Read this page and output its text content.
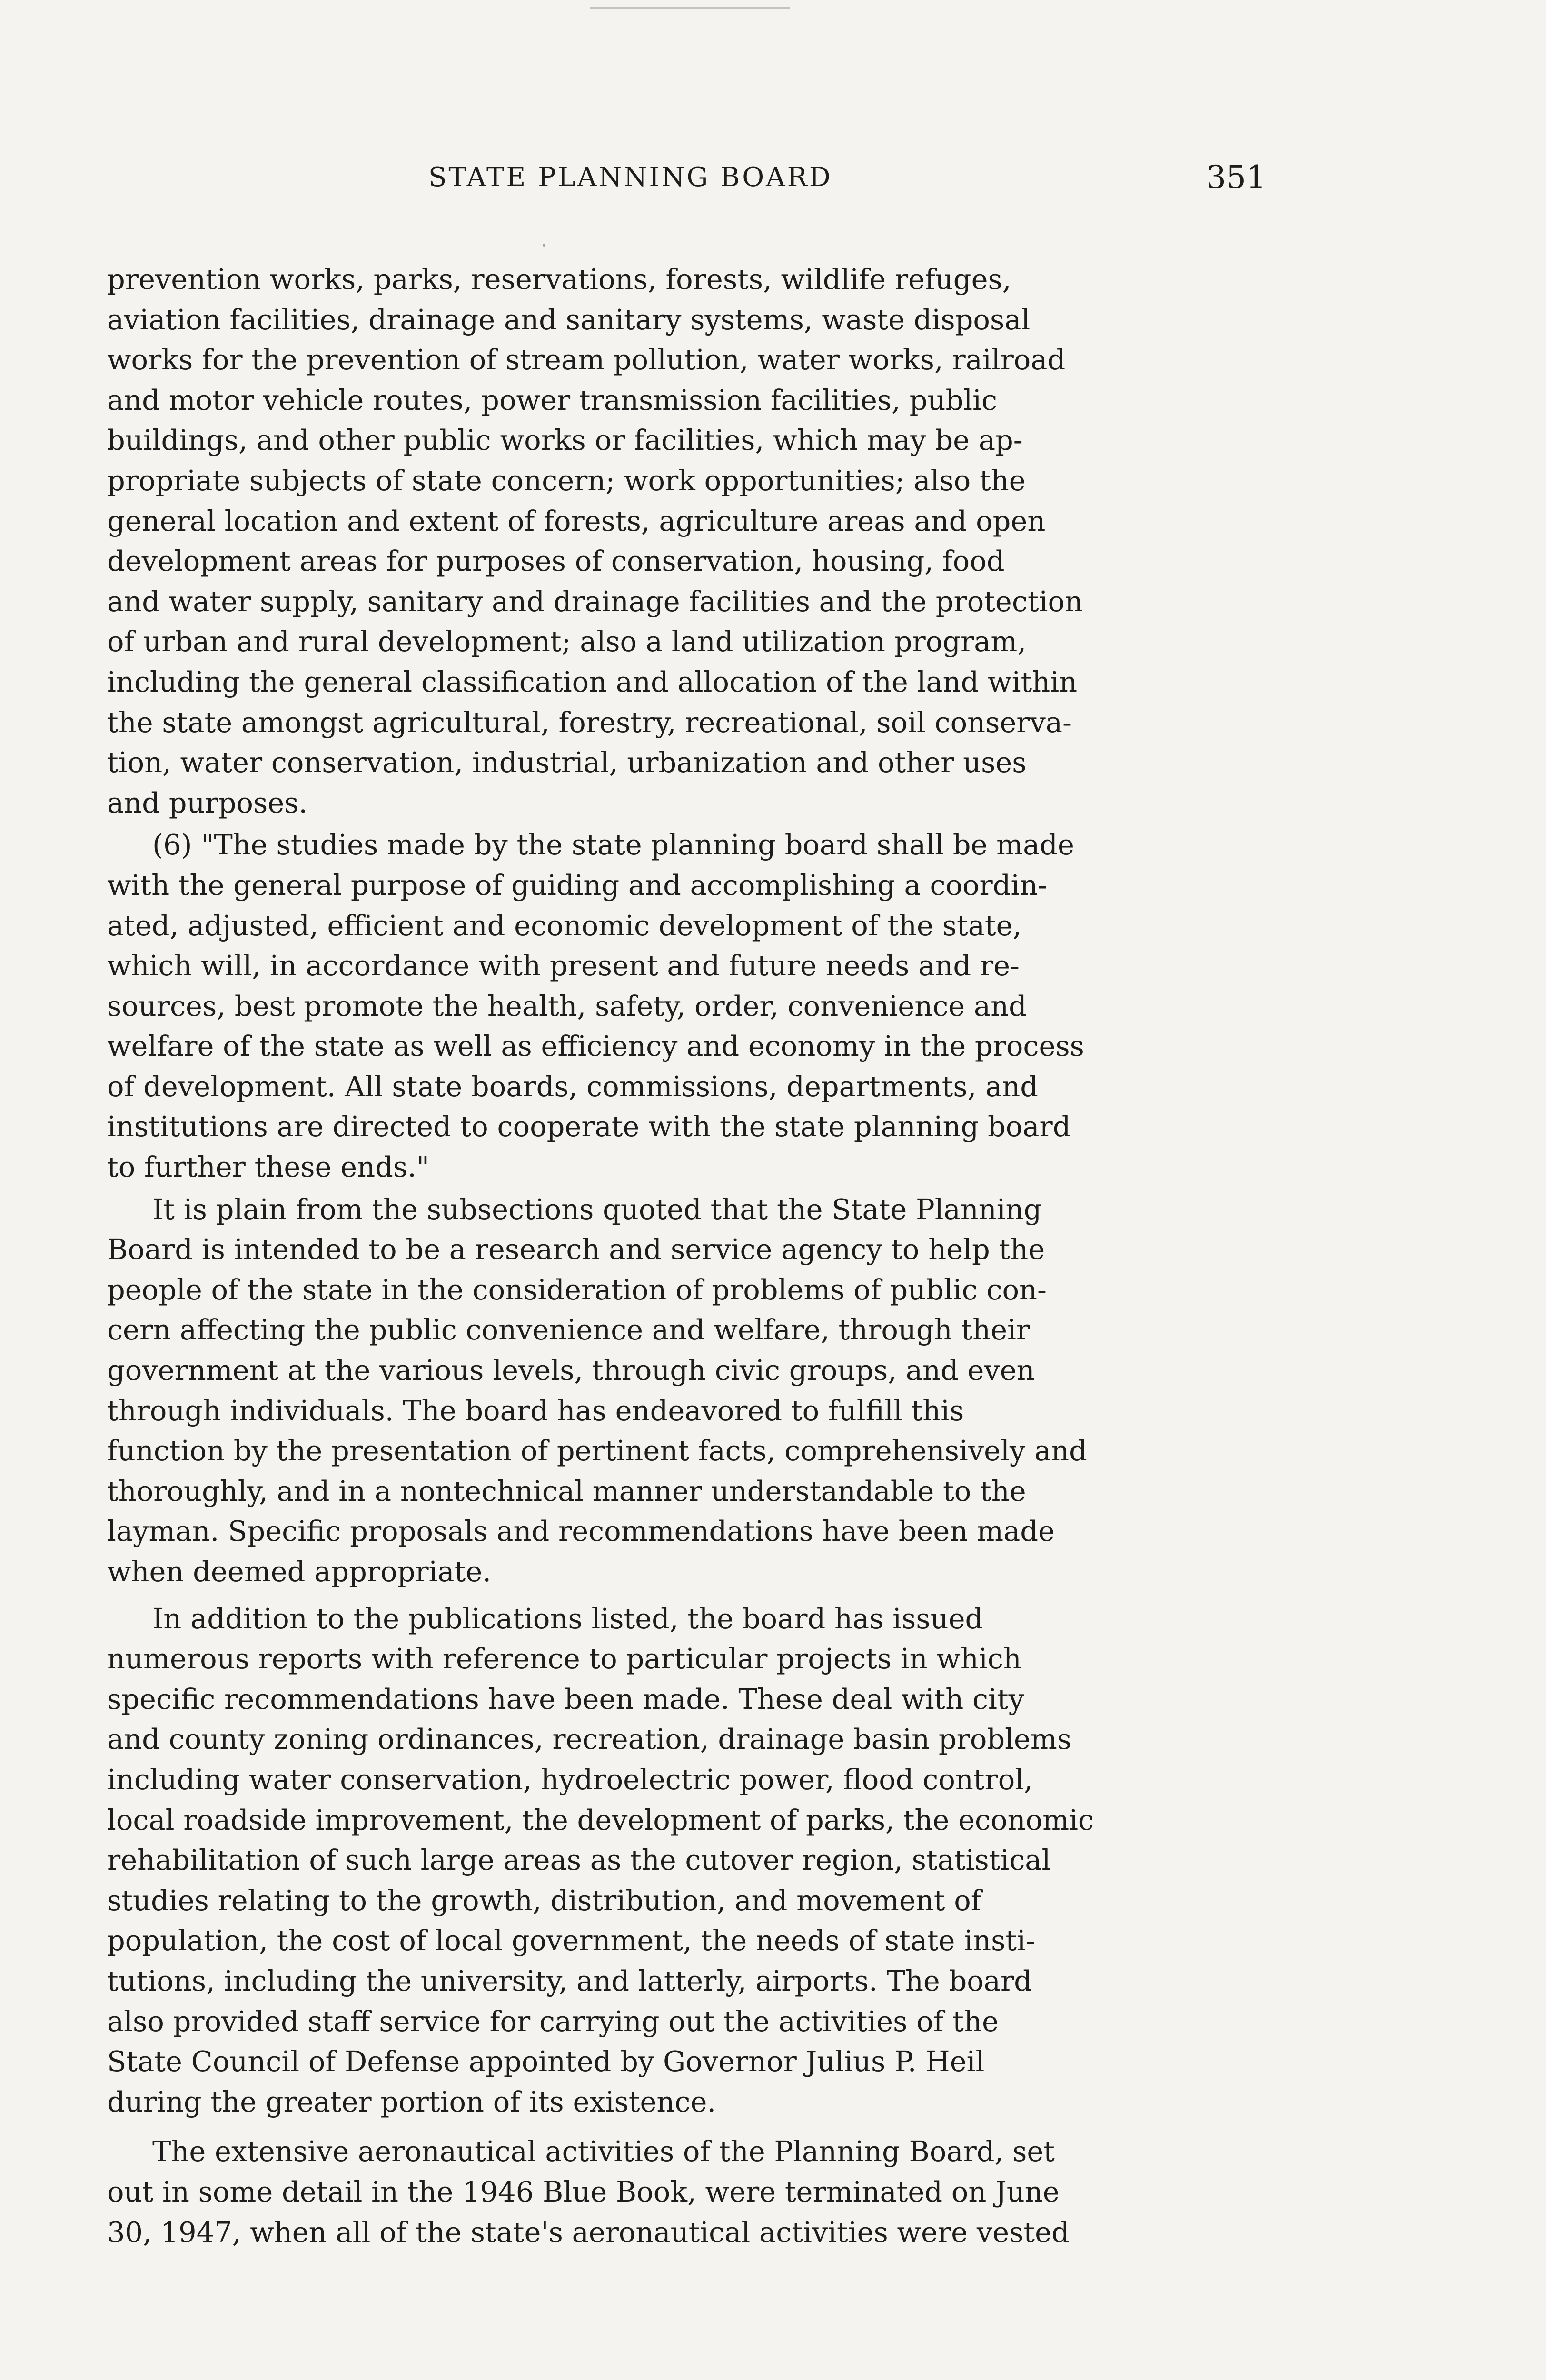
STATE PLANNING BOARD	351

prevention works, parks, reservations, forests, wildlife refuges,
aviation facilities, drainage and sanitary systems, waste disposal
works for the prevention of stream pollution, water works, railroad
and motor vehicle routes, power transmission facilities, public
buildings, and other public works or facilities, which may be ap-
propriate subjects of state concern; work opportunities; also the
general location and extent of forests, agriculture areas and open
development areas for purposes of conservation, housing, food
and water supply, sanitary and drainage facilities and the protection
of urban and rural development; also a land utilization program,
including the general classification and allocation of the land within
the state amongst agricultural, forestry, recreational, soil conserva-
tion, water conservation, industrial, urbanization and other uses
and purposes.

(6) "The studies made by the state planning board shall be made
with the general purpose of guiding and accomplishing a coordin-
ated, adjusted, efficient and economic development of the state,
which will, in accordance with present and future needs and re-
sources, best promote the health, safety, order, convenience and
welfare of the state as well as efficiency and economy in the process
of development. All state boards, commissions, departments, and
institutions are directed to cooperate with the state planning board
to further these ends."

It is plain from the subsections quoted that the State Planning
Board is intended to be a research and service agency to help the
people of the state in the consideration of problems of public con-
cern affecting the public convenience and welfare, through their
government at the various levels, through civic groups, and even
through individuals. The board has endeavored to fulfill this
function by the presentation of pertinent facts, comprehensively and
thoroughly, and in a nontechnical manner understandable to the
layman. Specific proposals and recommendations have been made
when deemed appropriate.

In addition to the publications listed, the board has issued
numerous reports with reference to particular projects in which
specific recommendations have been made. These deal with city
and county zoning ordinances, recreation, drainage basin problems
including water conservation, hydroelectric power, flood control,
local roadside improvement, the development of parks, the economic
rehabilitation of such large areas as the cutover region, statistical
studies relating to the growth, distribution, and movement of
population, the cost of local government, the needs of state insti-
tutions, including the university, and latterly, airports. The board
also provided staff service for carrying out the activities of the
State Council of Defense appointed by Governor Julius P. Heil
during the greater portion of its existence.

The extensive aeronautical activities of the Planning Board, set
out in some detail in the 1946 Blue Book, were terminated on June
30, 1947, when all of the state's aeronautical activities were vested
